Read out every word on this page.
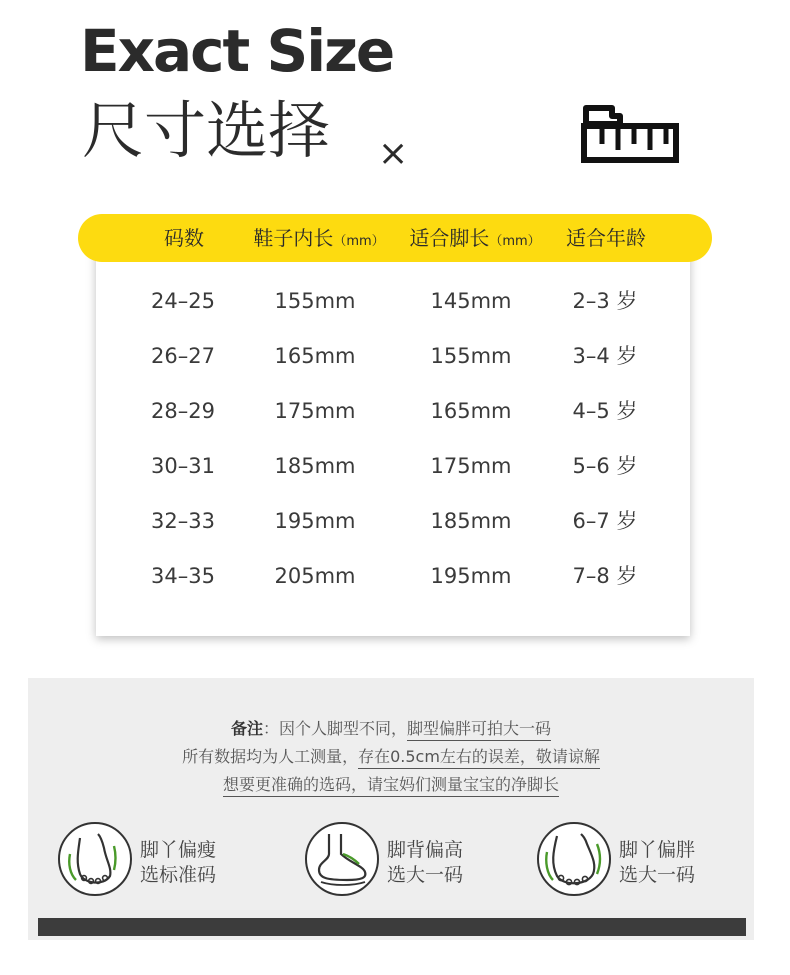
Exact Size
尺寸选择 ×
24–25	155mm	145mm	2–3 岁
26–27	165mm	155mm	3–4 岁
28–29	175mm	165mm	4–5 岁
30–31	185mm	175mm	5–6 岁
32–33	195mm	185mm	6–7 岁
34–35	205mm	195mm	7–8 岁
码数	鞋子内长（mm）	适合脚长（mm）	适合年龄
备注：因个人脚型不同，脚型偏胖可拍大一码
所有数据均为人工测量，存在0.5cm左右的误差，敬请谅解
想要更准确的选码，请宝妈们测量宝宝的净脚长
脚丫偏瘦
选标准码
脚背偏高
选大一码
脚丫偏胖
选大一码
